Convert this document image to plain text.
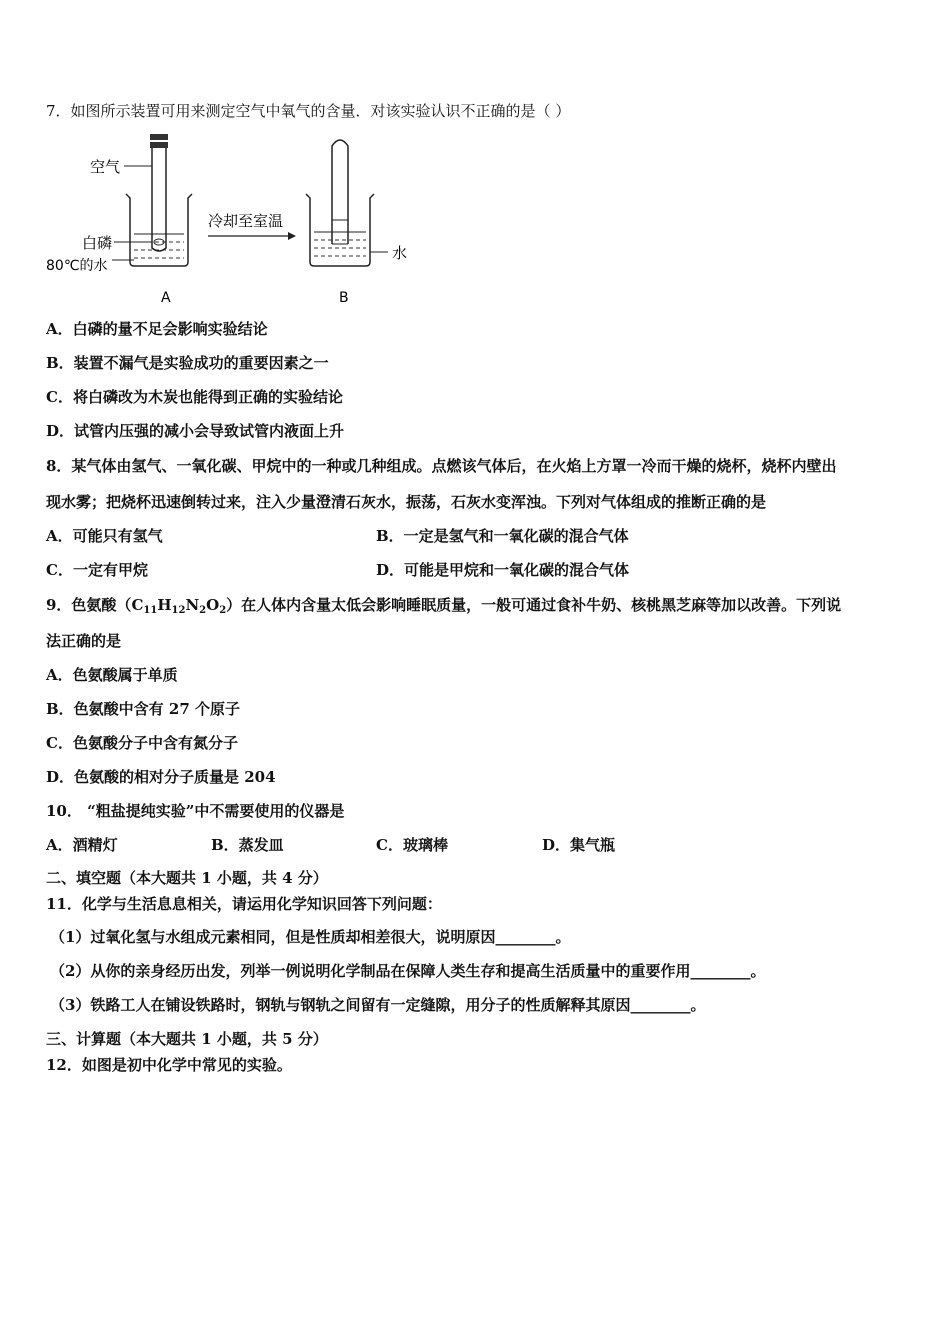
7．如图所示装置可用来测定空气中氧气的含量．对该实验认识不正确的是（ ）
空气
白磷
80℃的水
冷却至室温
水
A	B
A．白磷的量不足会影响实验结论
B．装置不漏气是实验成功的重要因素之一
C．将白磷改为木炭也能得到正确的实验结论
D．试管内压强的减小会导致试管内液面上升
8．某气体由氢气、一氧化碳、甲烷中的一种或几种组成。点燃该气体后，在火焰上方罩一冷而干燥的烧杯，烧杯内壁出
现水雾；把烧杯迅速倒转过来，注入少量澄清石灰水，振荡，石灰水变浑浊。下列对气体组成的推断正确的是
A．可能只有氢气	B．一定是氢气和一氧化碳的混合气体
C．一定有甲烷	D．可能是甲烷和一氧化碳的混合气体
9．色氨酸$(C_{11}H_{12}N_2O_2)$在人体内含量太低会影响睡眠质量，一般可通过食补牛奶、核桃黑芝麻等加以改善。下列说
法正确的是
A．色氨酸属于单质
B．色氨酸中含有 27 个原子
C．色氨酸分子中含有氮分子
D．色氨酸的相对分子质量是 204
10． “粗盐提纯实验”中不需要使用的仪器是
A．酒精灯	B．蒸发皿	C．玻璃棒	D．集气瓶
二、填空题（本大题共 1 小题，共 4 分）
11．化学与生活息息相关，请运用化学知识回答下列问题：
（1）过氧化氢与水组成元素相同，但是性质却相差很大，说明原因________。
（2）从你的亲身经历出发，列举一例说明化学制品在保障人类生存和提高生活质量中的重要作用________。
（3）铁路工人在铺设铁路时，钢轨与钢轨之间留有一定缝隙，用分子的性质解释其原因________。
三、计算题（本大题共 1 小题，共 5 分）
12．如图是初中化学中常见的实验。
